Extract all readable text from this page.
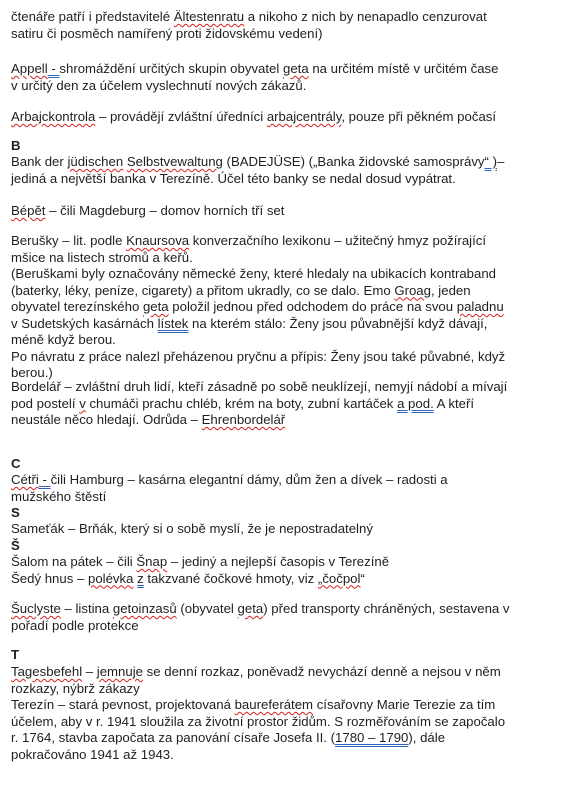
čtenáře patří i představitelé Ältestenratu a nikoho z nich by nenapadlo cenzurovat
satiru či posměch namířený proti židovskému vedení)
Appell - shromáždění určitých skupin obyvatel geta na určitém místě v určitém čase
v určitý den za účelem vyslechnutí nových zákazů.
Arbajckontrola – provádějí zvláštní úředníci arbajcentrály, pouze při pěkném počasí
B
Bank der jüdischen Selbstvewaltung (BADEJÜSE) („Banka židovské samosprávy“ )–
jediná a největší banka v Terezíně. Účel této banky se nedal dosud vypátrat.
Bépět – čili Magdeburg – domov horních tří set
Berušky – lit. podle Knaursova konverzačního lexikonu – užitečný hmyz požírající
mšice na listech stromů a keřů.
(Beruškami byly označovány německé ženy, které hledaly na ubikacích kontraband
(baterky, léky, peníze, cigarety) a přitom ukradly, co se dalo. Emo Groag, jeden
obyvatel terezínského geta položil jednou před odchodem do práce na svou paladnu
v Sudetských kasárnách lístek na kterém stálo: Ženy jsou půvabnější když dávají,
méně když berou.
Po návratu z práce nalezl přeházenou pryčnu a přípis: Ženy jsou také půvabné, když
berou.)
Bordelář – zvláštní druh lidí, kteří zásadně po sobě neuklízejí, nemyjí nádobí a mívají
pod postelí v chumáči prachu chléb, krém na boty, zubní kartáček a pod. A kteří
neustále něco hledají. Odrůda – Ehrenbordelář
C
Cétři - čili Hamburg – kasárna elegantní dámy, dům žen a dívek – radosti a
mužského štěstí
S
Sameťák – Brňák, který si o sobě myslí, že je nepostradatelný
Š
Šalom na pátek – čili Šnap – jediný a nejlepší časopis v Terezíně
Šedý hnus – polévka z takzvané čočkové hmoty, viz „čočpol“
Šuclyste – listina getoinzasů (obyvatel geta) před transporty chráněných, sestavena v
pořadí podle protekce
T
Tagesbefehl – jemnuje se denní rozkaz, poněvadž nevychází denně a nejsou v něm
rozkazy, nýbrž zákazy
Terezín – stará pevnost, projektovaná baureferátem císařovny Marie Terezie za tím
účelem, aby v r. 1941 sloužila za životní prostor židům. S rozměřováním se započalo
r. 1764, stavba započata za panování císaře Josefa II. (1780 – 1790), dále
pokračováno 1941 až 1943.
